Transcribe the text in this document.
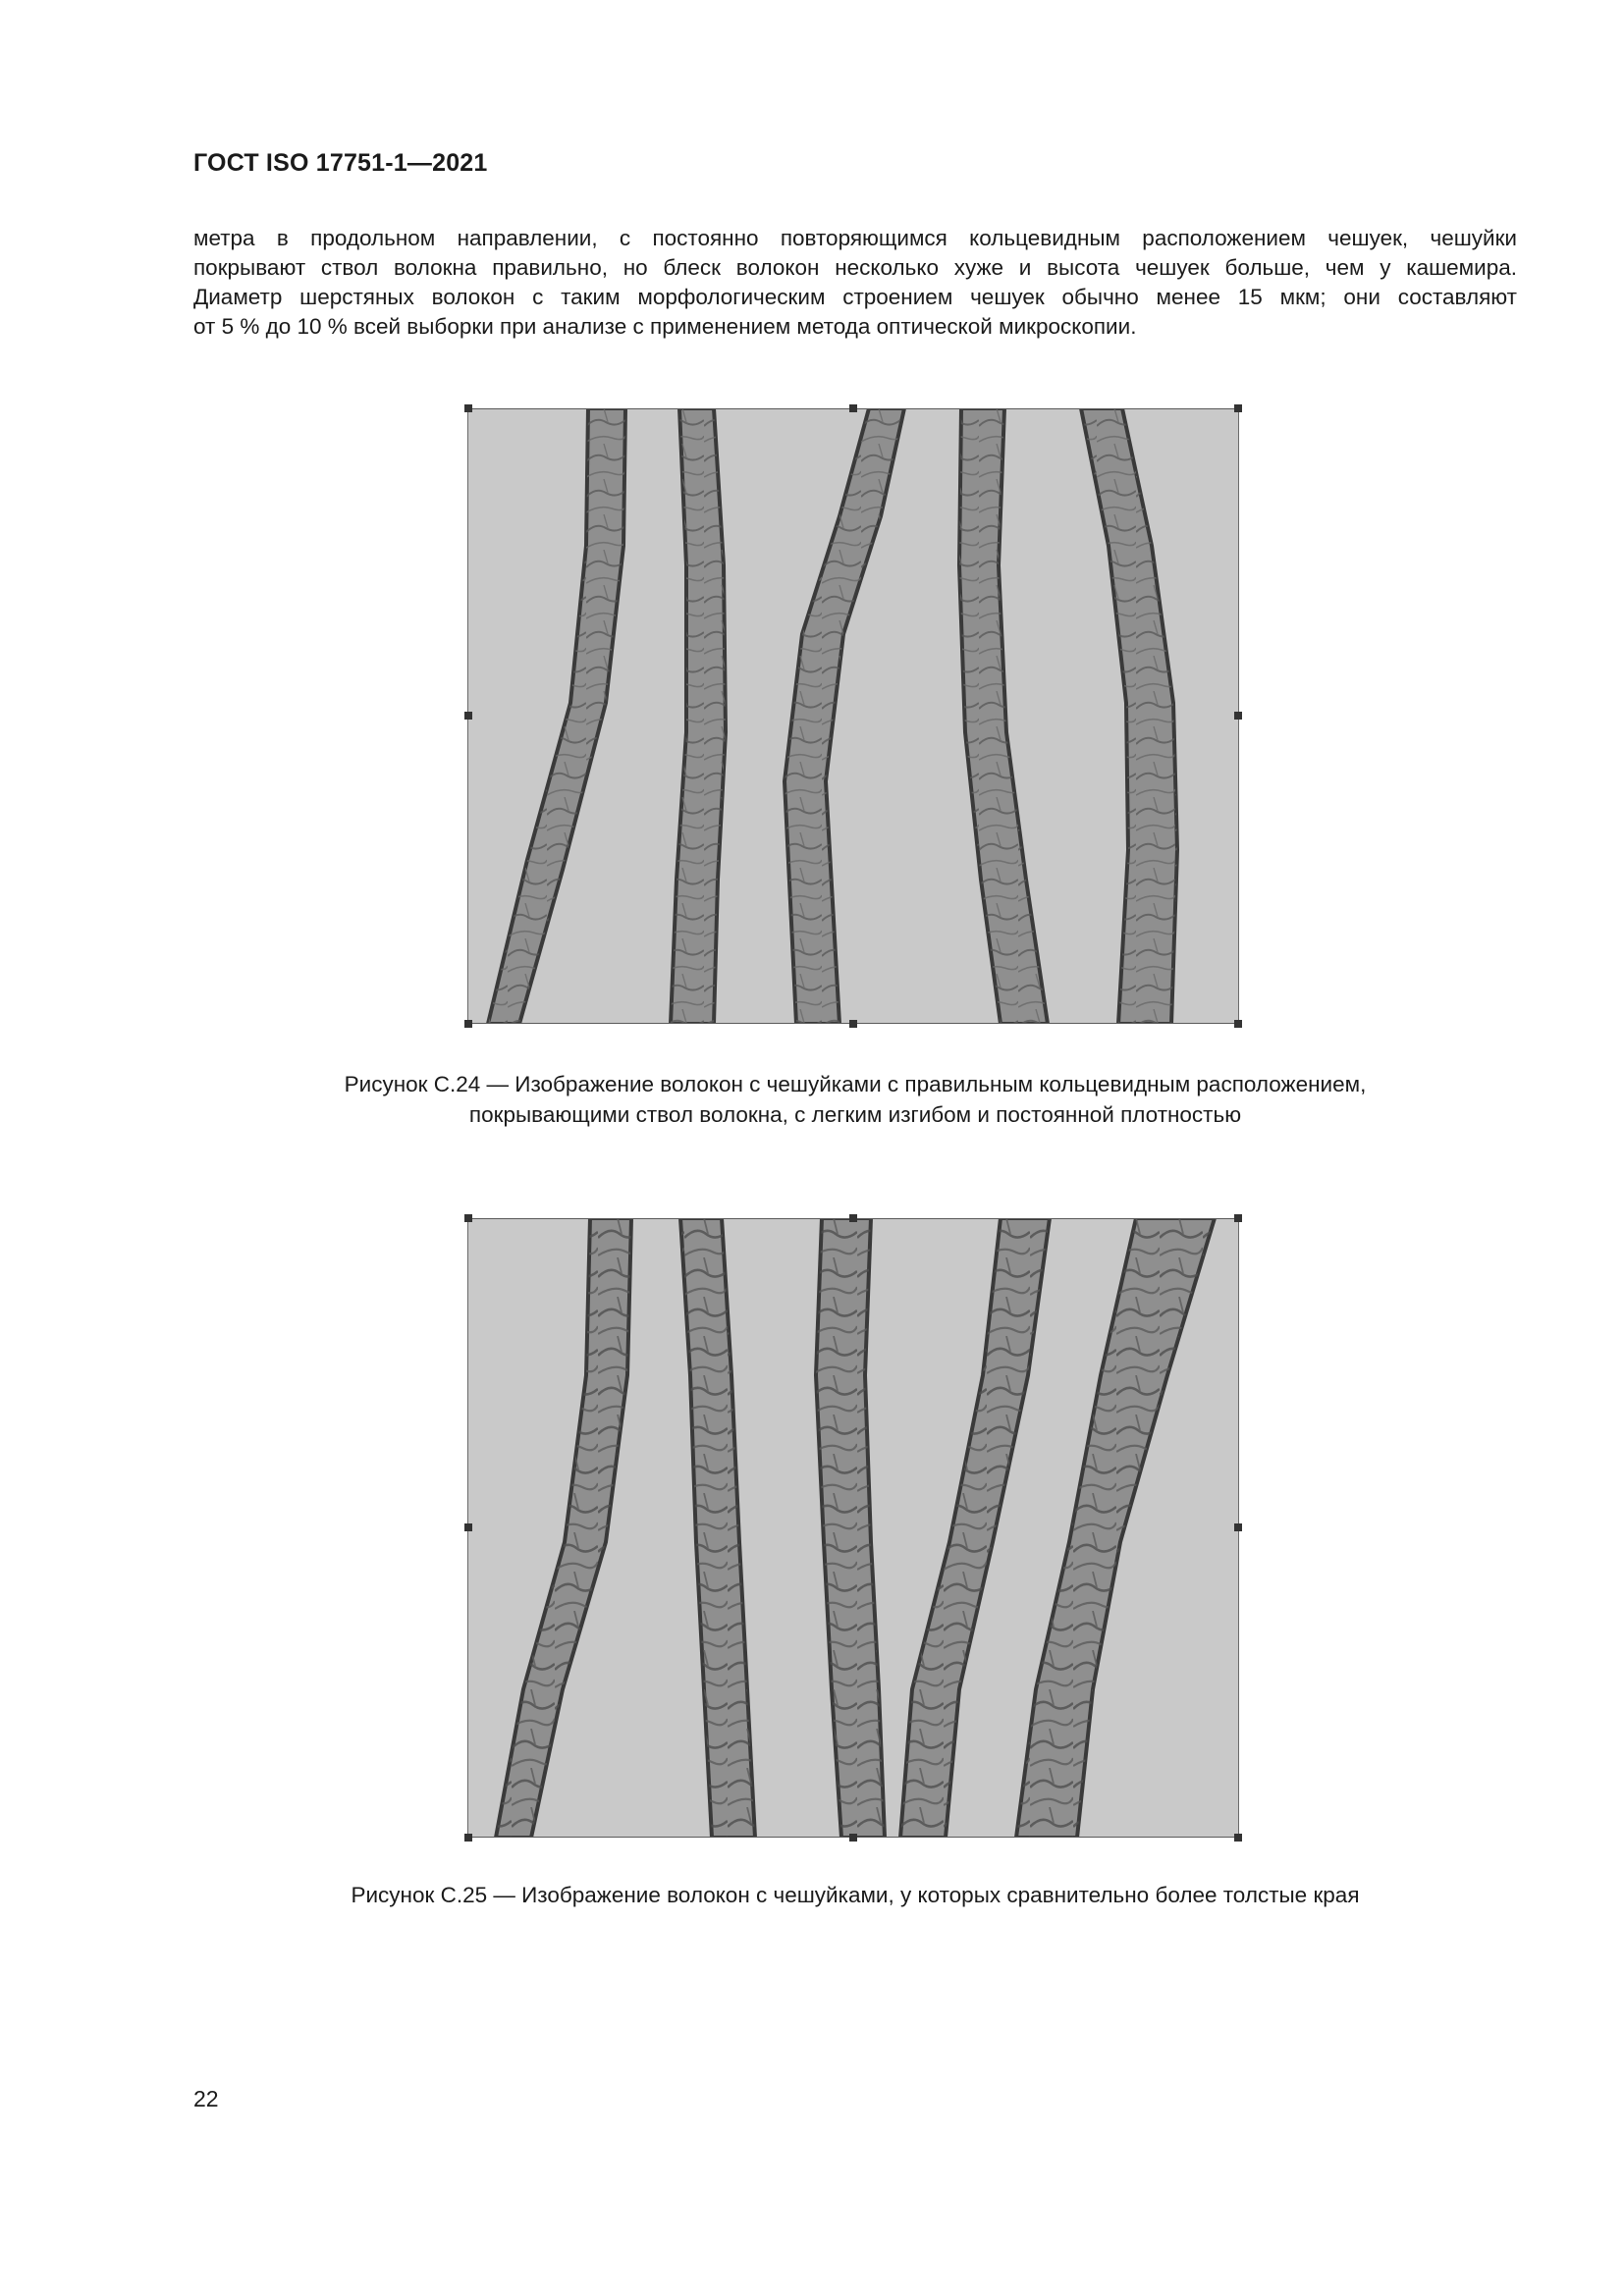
ГОСТ ISO 17751-1—2021
метра в продольном направлении, с постоянно повторяющимся кольцевидным расположением чешуек, чешуйки
покрывают ствол волокна правильно, но блеск волокон несколько хуже и высота чешуек больше, чем у кашемира.
Диаметр шерстяных волокон с таким морфологическим строением чешуек обычно менее 15 мкм; они составляют
от 5 % до 10 % всей выборки при анализе с применением метода оптической микроскопии.
Рисунок С.24 — Изображение волокон с чешуйками с правильным кольцевидным расположением,
покрывающими ствол волокна, с легким изгибом и постоянной плотностью
Рисунок С.25 — Изображение волокон с чешуйками, у которых сравнительно более толстые края
22
